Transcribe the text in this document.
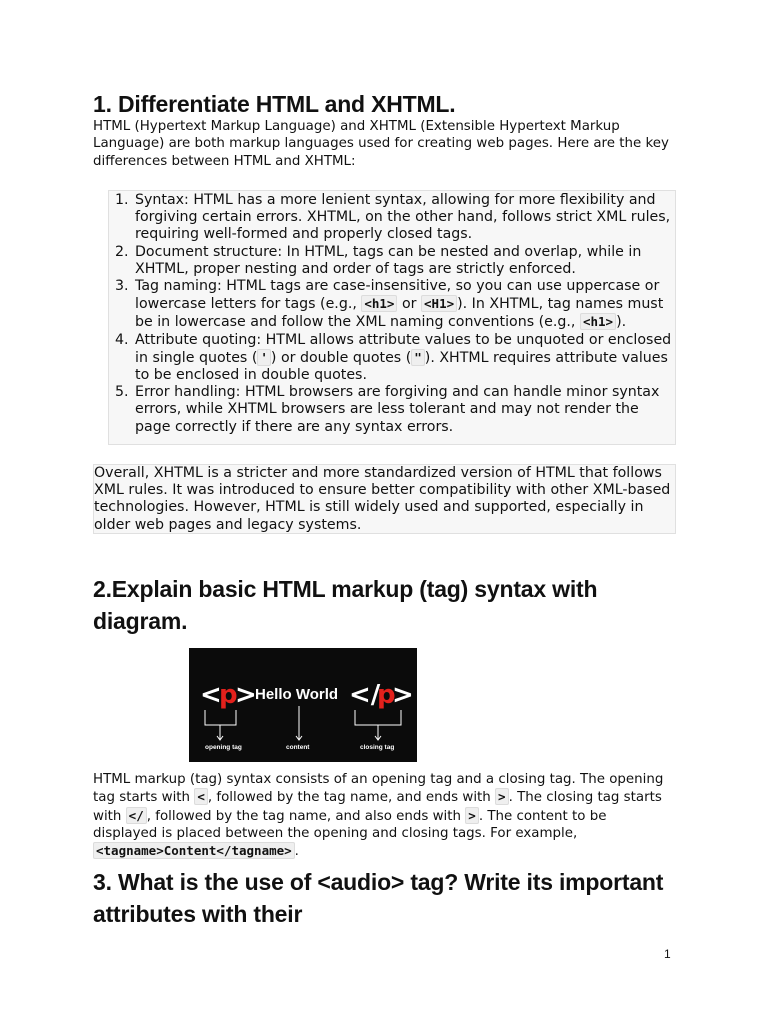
1. Differentiate HTML and XHTML.

HTML (Hypertext Markup Language) and XHTML (Extensible Hypertext Markup Language) are both markup languages used for creating web pages. Here are the key differences between HTML and XHTML:

1. Syntax: HTML has a more lenient syntax, allowing for more flexibility and forgiving certain errors. XHTML, on the other hand, follows strict XML rules, requiring well-formed and properly closed tags.
2. Document structure: In HTML, tags can be nested and overlap, while in XHTML, proper nesting and order of tags are strictly enforced.
3. Tag naming: HTML tags are case-insensitive, so you can use uppercase or lowercase letters for tags (e.g., <h1> or <H1> ). In XHTML, tag names must be in lowercase and follow the XML naming conventions (e.g., <h1> ).
4. Attribute quoting: HTML allows attribute values to be unquoted or enclosed in single quotes ( ' ) or double quotes ( " ). XHTML requires attribute values to be enclosed in double quotes.
5. Error handling: HTML browsers are forgiving and can handle minor syntax errors, while XHTML browsers are less tolerant and may not render the page correctly if there are any syntax errors.

Overall, XHTML is a stricter and more standardized version of HTML that follows XML rules. It was introduced to ensure better compatibility with other XML-based technologies. However, HTML is still widely used and supported, especially in older web pages and legacy systems.

2.Explain basic HTML markup (tag) syntax with diagram.

HTML markup (tag) syntax consists of an opening tag and a closing tag. The opening tag starts with < , followed by the tag name, and ends with > . The closing tag starts with </ , followed by the tag name, and also ends with > . The content to be displayed is placed between the opening and closing tags. For example, <tagname>Content</tagname> .

3. What is the use of <audio> tag? Write its important attributes with their
<
p
>
Hello World </
p
>
opening tag	content	closing tag
1
